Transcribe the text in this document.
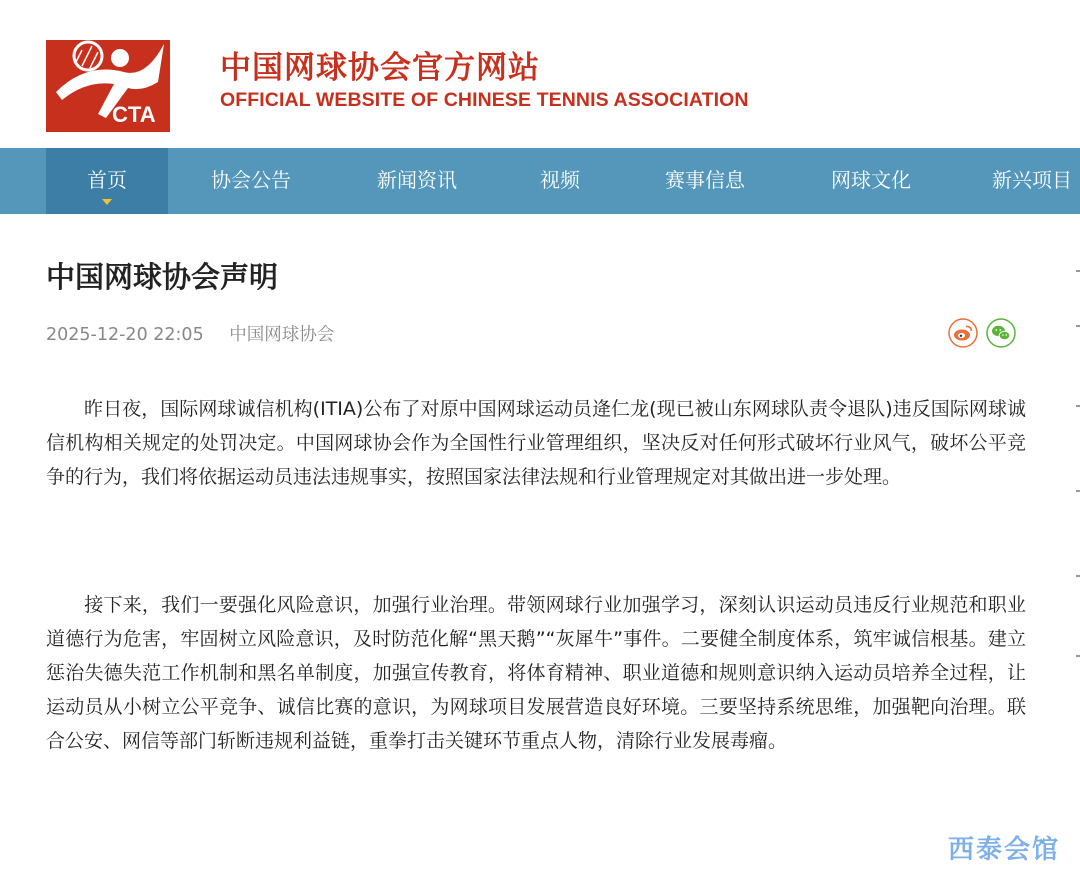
CTA
中国网球协会官方网站
OFFICIAL WEBSITE OF CHINESE TENNIS ASSOCIATION
首页	协会公告	新闻资讯	视频	赛事信息	网球文化	新兴项目
中国网球协会声明
2025-12-20 22:05 中国网球协会
昨日夜，国际网球诚信机构(ITIA)公布了对原中国网球运动员逄仁龙(现已被山东网球队责令退队)违反国际网球诚信机构相关规定的处罚决定。中国网球协会作为全国性行业管理组织，坚决反对任何形式破坏行业风气，破坏公平竞争的行为，我们将依据运动员违法违规事实，按照国家法律法规和行业管理规定对其做出进一步处理。
接下来，我们一要强化风险意识，加强行业治理。带领网球行业加强学习，深刻认识运动员违反行业规范和职业道德行为危害，牢固树立风险意识，及时防范化解“黑天鹅”“灰犀牛”事件。二要健全制度体系，筑牢诚信根基。建立惩治失德失范工作机制和黑名单制度，加强宣传教育，将体育精神、职业道德和规则意识纳入运动员培养全过程，让运动员从小树立公平竞争、诚信比赛的意识，为网球项目发展营造良好环境。三要坚持系统思维，加强靶向治理。联合公安、网信等部门斩断违规利益链，重拳打击关键环节重点人物，清除行业发展毒瘤。
西泰会馆
